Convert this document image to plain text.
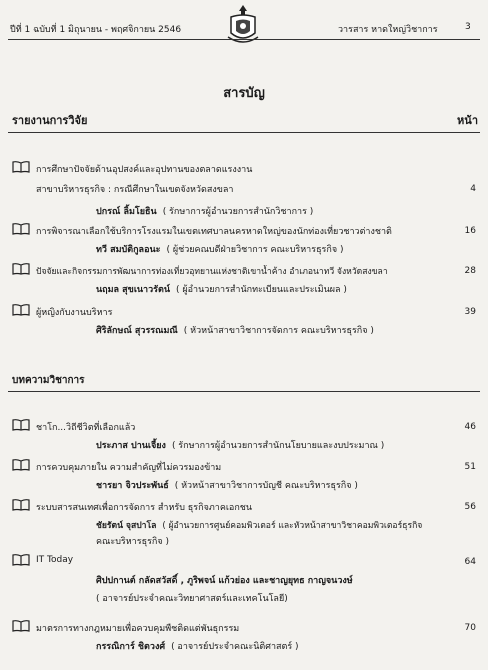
ปีที่ 1 ฉบับที่ 1 มิถุนายน - พฤศจิกายน 2546	วารสาร หาดใหญ่วิชาการ	3
สารบัญ
รายงานการวิจัย	หน้า
การศึกษาปัจจัยด้านอุปสงค์และอุปทานของตลาดแรงงาน
สาขาบริหารธุรกิจ : กรณีศึกษาในเขตจังหวัดสงขลา	4
ปกรณ์ ลิ้มโยธิน ( รักษาการผู้อำนวยการสำนักวิชาการ )
การพิจารณาเลือกใช้บริการโรงแรมในเขตเทศบาลนครหาดใหญ่ของนักท่องเที่ยวชาวต่างชาติ	16
ทวี สมบัติกูลอนะ ( ผู้ช่วยคณบดีฝ่ายวิชาการ คณะบริหารธุรกิจ )
ปัจจัยและกิจกรรมการพัฒนาการท่องเที่ยวอุทยานแห่งชาติเขาน้ำค้าง อำเภอนาทวี จังหวัดสงขลา	28
นฤมล สุขเนาวรัตน์ ( ผู้อำนวยการสำนักทะเบียนและประเมินผล )
ผู้หญิงกับงานบริหาร	39
ศิริลักษณ์ สุวรรณมณี ( หัวหน้าสาขาวิชาการจัดการ คณะบริหารธุรกิจ )
บทความวิชาการ
ชาโก...วิถีชีวิตที่เลือกแล้ว	46
ประภาส ปานเจี้ยง ( รักษาการผู้อำนวยการสำนักนโยบายและงบประมาณ )
การควบคุมภายใน ความสำคัญที่ไม่ควรมองข้าม	51
ชารยา จิวประพันธ์ ( หัวหน้าสาขาวิชาการบัญชี คณะบริหารธุรกิจ )
ระบบสารสนเทศเพื่อการจัดการ สำหรับ ธุรกิจภาคเอกชน	56
ชัยรัตน์ จุสปาโล ( ผู้อำนวยการศูนย์คอมพิวเตอร์ และหัวหน้าสาขาวิชาคอมพิวเตอร์ธุรกิจ
คณะบริหารธุรกิจ )
IT Today	64
ศิปปกานต์ กลัดสวัสดิ์ , ภูริพจน์ แก้วย่อง และชาญยุทธ กาญจนวงษ์
( อาจารย์ประจำคณะวิทยาศาสตร์และเทคโนโลยี)
มาตรการทางกฎหมายเพื่อควบคุมพืชติดแต่พันธุกรรม	70
กรรณิการ์ ชิตวงศ์ ( อาจารย์ประจำคณะนิติศาสตร์ )
